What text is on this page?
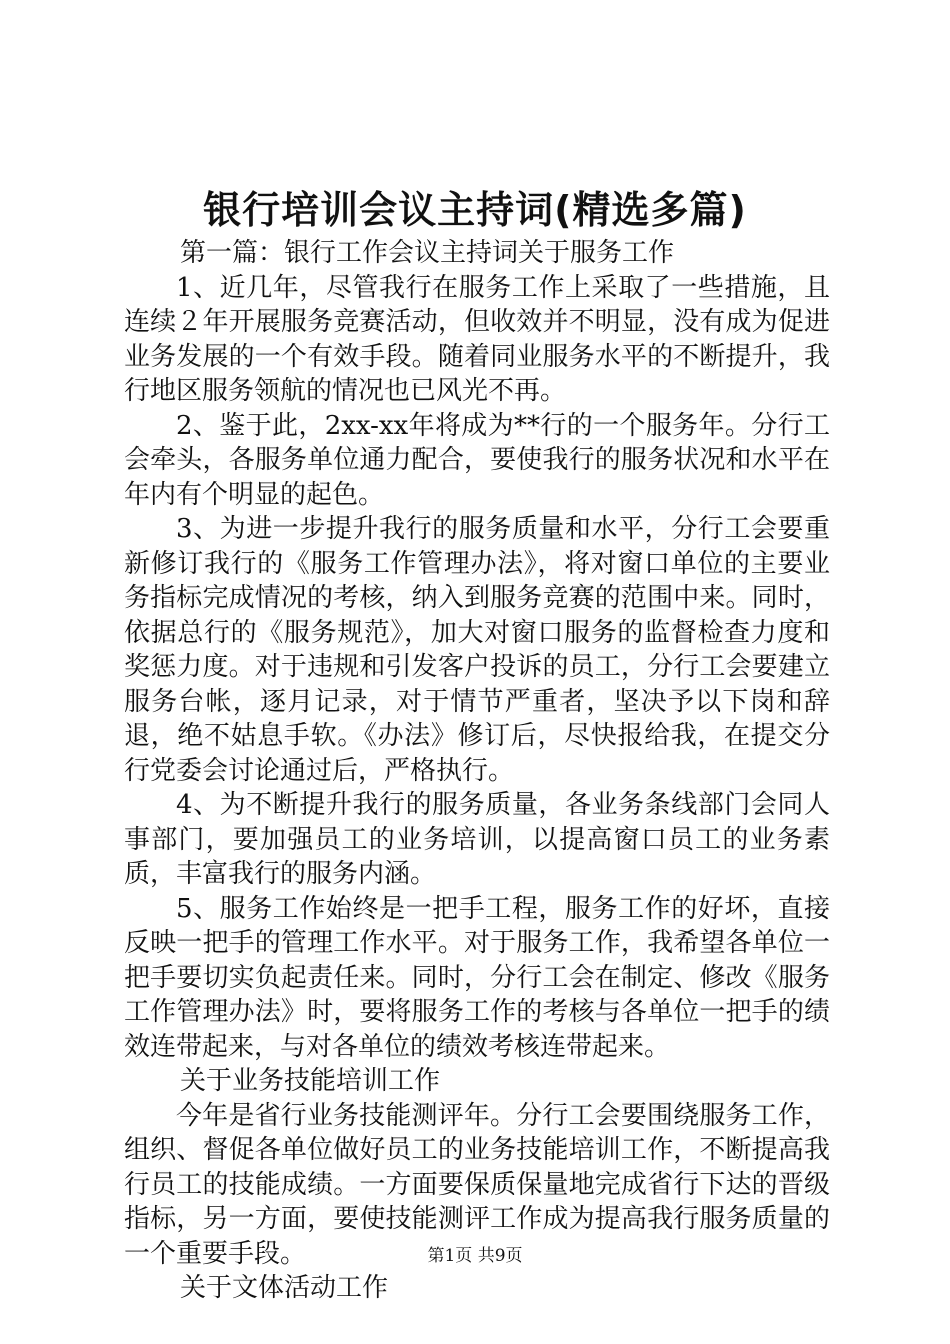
银行培训会议主持词(精选多篇)

第一篇：银行工作会议主持词关于服务工作

1、近几年，尽管我行在服务工作上采取了一些措施，且连续２年开展服务竞赛活动，但收效并不明显，没有成为促进业务发展的一个有效手段。随着同业服务水平的不断提升，我行地区服务领航的情况也已风光不再。

2、鉴于此，2xx-xx年将成为**行的一个服务年。分行工会牵头，各服务单位通力配合，要使我行的服务状况和水平在年内有个明显的起色。

3、为进一步提升我行的服务质量和水平，分行工会要重新修订我行的《服务工作管理办法》，将对窗口单位的主要业务指标完成情况的考核，纳入到服务竞赛的范围中来。同时，依据总行的《服务规范》，加大对窗口服务的监督检查力度和奖惩力度。对于违规和引发客户投诉的员工，分行工会要建立服务台帐，逐月记录，对于情节严重者，坚决予以下岗和辞退，绝不姑息手软。《办法》修订后，尽快报给我，在提交分行党委会讨论通过后，严格执行。

4、为不断提升我行的服务质量，各业务条线部门会同人事部门，要加强员工的业务培训，以提高窗口员工的业务素质，丰富我行的服务内涵。

5、服务工作始终是一把手工程，服务工作的好坏，直接反映一把手的管理工作水平。对于服务工作，我希望各单位一把手要切实负起责任来。同时，分行工会在制定、修改《服务工作管理办法》时，要将服务工作的考核与各单位一把手的绩效连带起来，与对各单位的绩效考核连带起来。

关于业务技能培训工作

今年是省行业务技能测评年。分行工会要围绕服务工作，组织、督促各单位做好员工的业务技能培训工作，不断提高我行员工的技能成绩。一方面要保质保量地完成省行下达的晋级指标，另一方面，要使技能测评工作成为提高我行服务质量的一个重要手段。

关于文体活动工作

第1页 共9页
